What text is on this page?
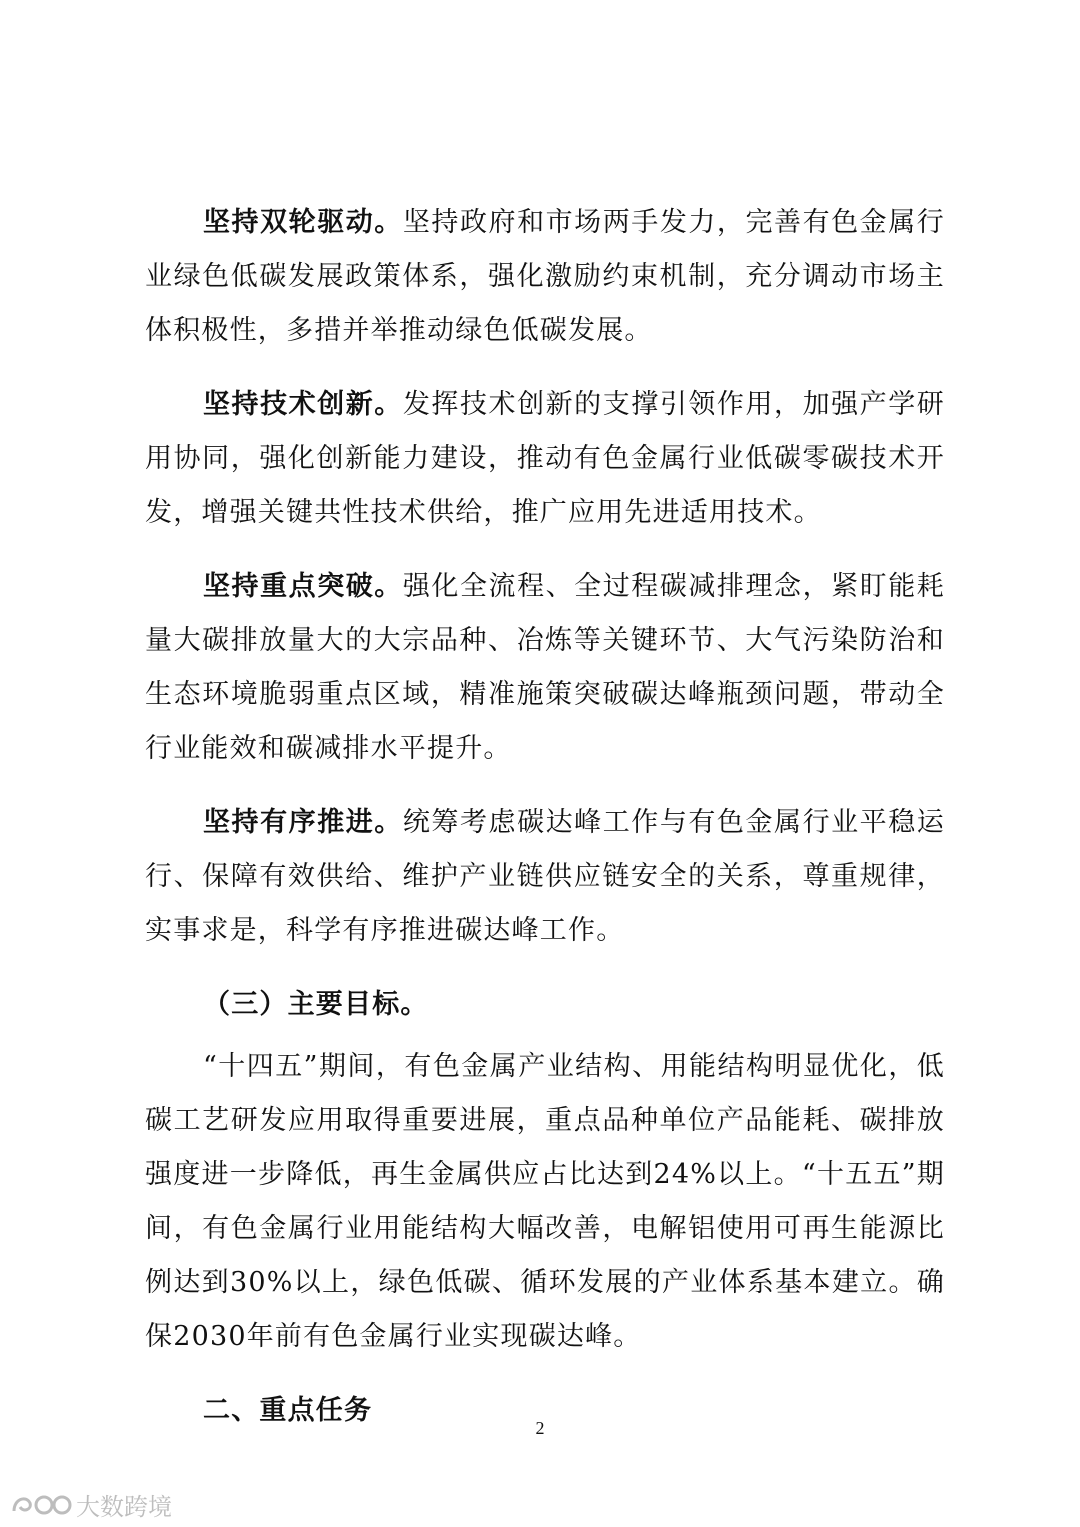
坚持双轮驱动。坚持政府和市场两手发力，完善有色金属行业绿色低碳发展政策体系，强化激励约束机制，充分调动市场主体积极性，多措并举推动绿色低碳发展。

坚持技术创新。发挥技术创新的支撑引领作用，加强产学研用协同，强化创新能力建设，推动有色金属行业低碳零碳技术开发，增强关键共性技术供给，推广应用先进适用技术。

坚持重点突破。强化全流程、全过程碳减排理念，紧盯能耗量大碳排放量大的大宗品种、冶炼等关键环节、大气污染防治和生态环境脆弱重点区域，精准施策突破碳达峰瓶颈问题，带动全行业能效和碳减排水平提升。

坚持有序推进。统筹考虑碳达峰工作与有色金属行业平稳运行、保障有效供给、维护产业链供应链安全的关系，尊重规律，实事求是，科学有序推进碳达峰工作。

（三）主要目标。

“十四五”期间，有色金属产业结构、用能结构明显优化，低碳工艺研发应用取得重要进展，重点品种单位产品能耗、碳排放强度进一步降低，再生金属供应占比达到24%以上。“十五五”期间，有色金属行业用能结构大幅改善，电解铝使用可再生能源比例达到30%以上，绿色低碳、循环发展的产业体系基本建立。确保2030年前有色金属行业实现碳达峰。

二、重点任务

2
大数跨境
